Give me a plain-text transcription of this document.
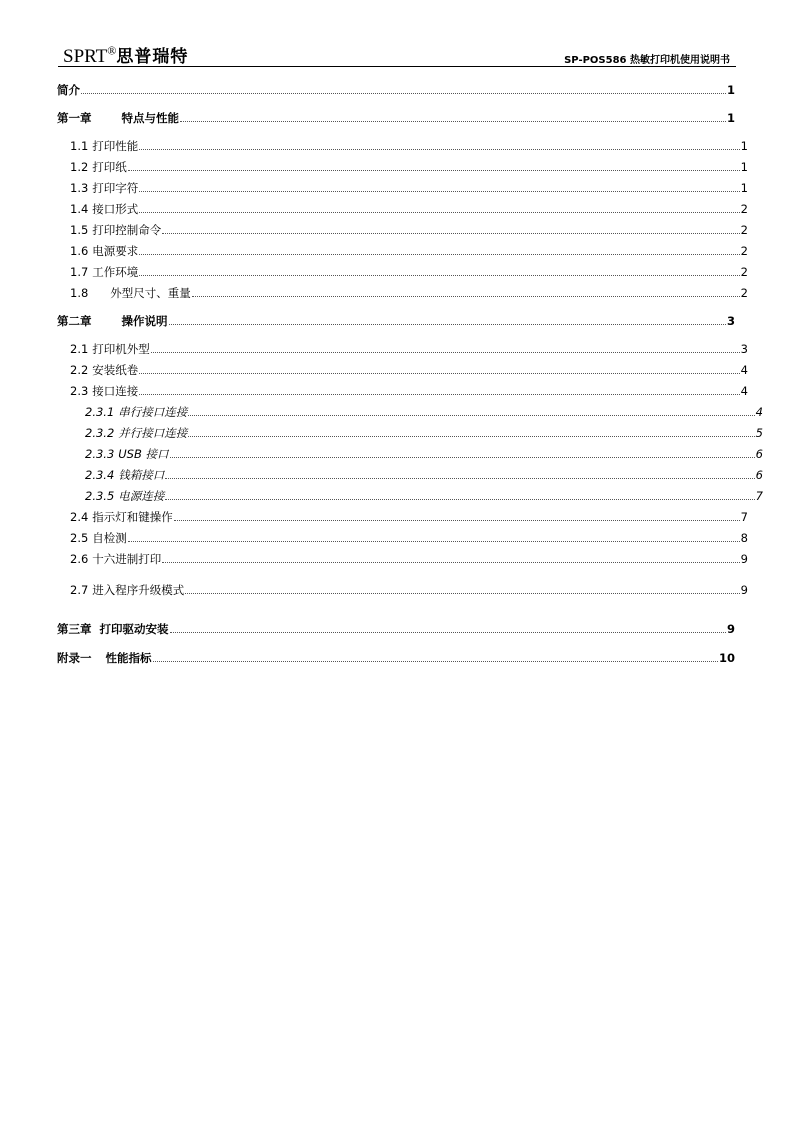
SPRT®思普瑞特	SP-POS586 热敏打印机使用说明书
简介	1
第一章	特点与性能	1
1.1 打印性能	1
1.2 打印纸	1
1.3 打印字符	1
1.4 接口形式	2
1.5 打印控制命令	2
1.6 电源要求	2
1.7 工作环境	2
1.8 外型尺寸、重量	2
第二章	操作说明	3
2.1 打印机外型	3
2.2 安装纸卷	4
2.3 接口连接	4
2.3.1 串行接口连接	4
2.3.2 并行接口连接	5
2.3.3 USB 接口	6
2.3.4 钱箱接口	6
2.3.5 电源连接	7
2.4 指示灯和键操作	7
2.5 自检测	8
2.6 十六进制打印	9
2.7 进入程序升级模式	9
第三章 打印驱动安装	9
附录一 性能指标	10
